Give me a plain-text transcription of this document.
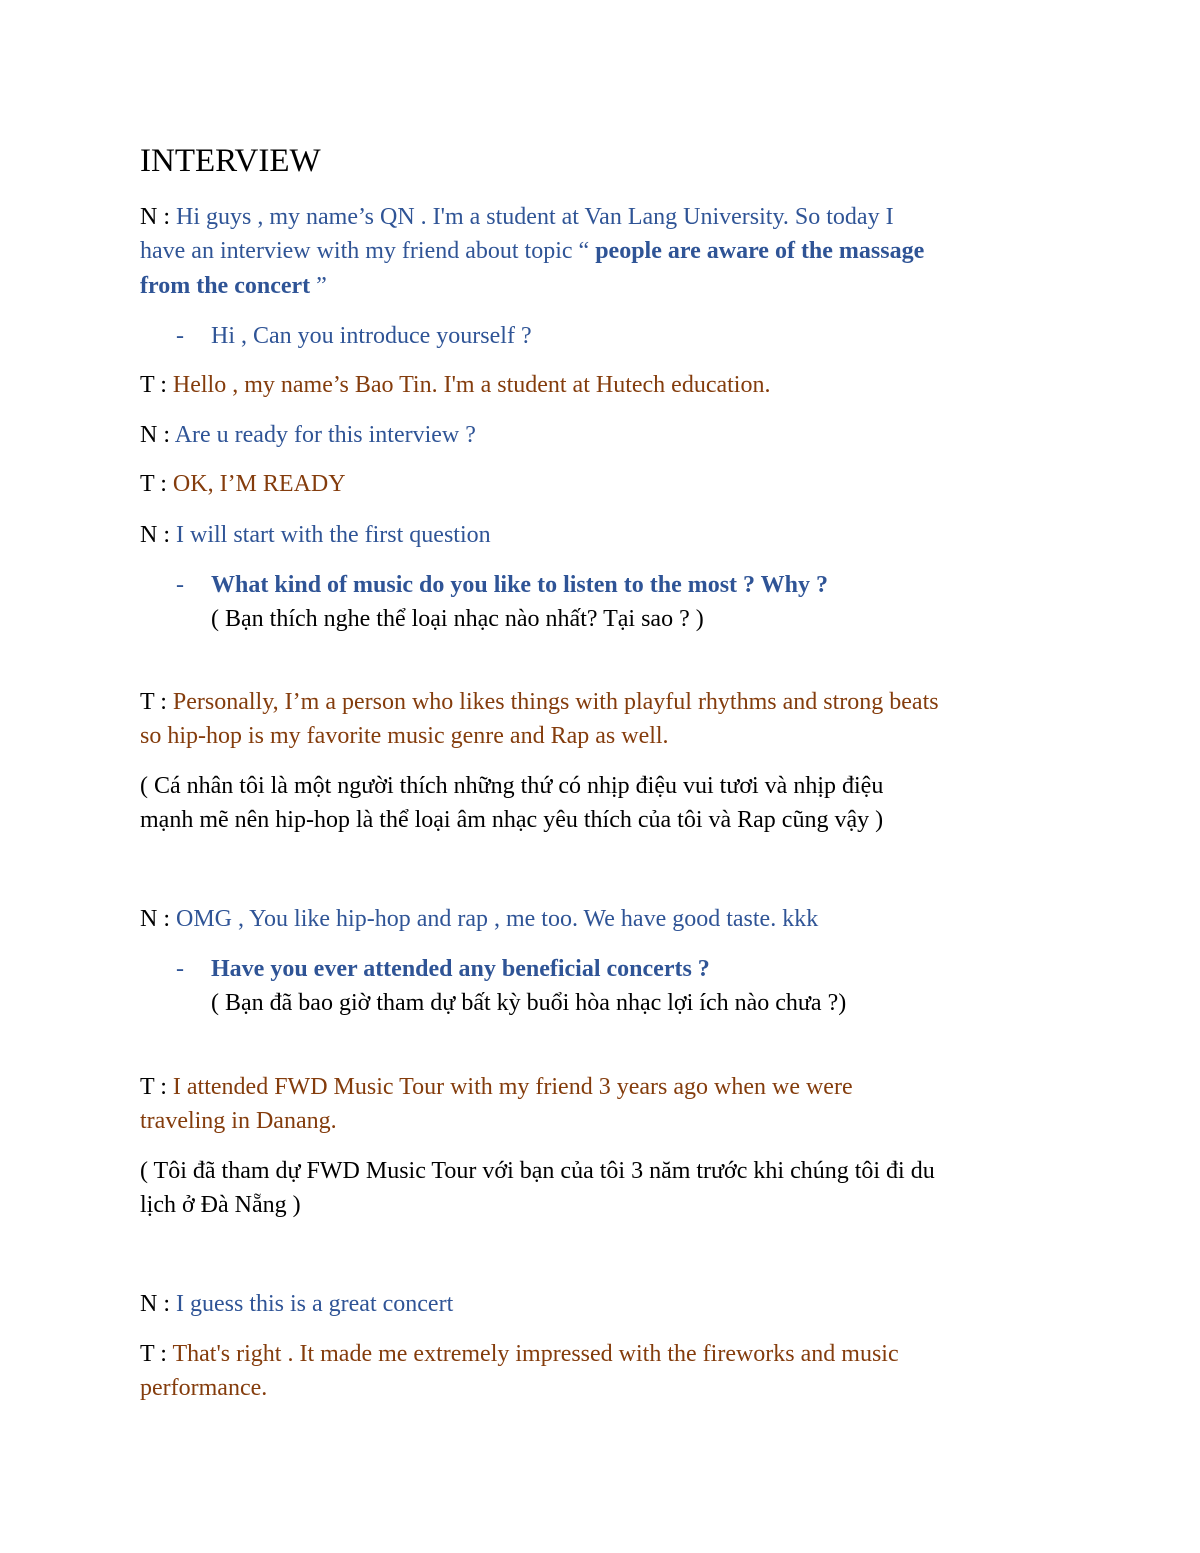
INTERVIEW
N : Hi guys , my name’s QN . I'm a student at Van Lang University. So today I
have an interview with my friend about topic “ people are aware of the massage
from the concert ”
- Hi , Can you introduce yourself ?
T : Hello , my name’s Bao Tin. I'm a student at Hutech education.
N : Are u ready for this interview ?
T : OK, I’M READY
N : I will start with the first question
- What kind of music do you like to listen to the most ? Why ?
( Bạn thích nghe thể loại nhạc nào nhất? Tại sao ? )
T : Personally, I’m a person who likes things with playful rhythms and strong beats
so hip-hop is my favorite music genre and Rap as well.
( Cá nhân tôi là một người thích những thứ có nhịp điệu vui tươi và nhịp điệu
mạnh mẽ nên hip-hop là thể loại âm nhạc yêu thích của tôi và Rap cũng vậy )
N : OMG , You like hip-hop and rap , me too. We have good taste. kkk
- Have you ever attended any beneficial concerts ?
( Bạn đã bao giờ tham dự bất kỳ buổi hòa nhạc lợi ích nào chưa ?)
T : I attended FWD Music Tour with my friend 3 years ago when we were
traveling in Danang.
( Tôi đã tham dự FWD Music Tour với bạn của tôi 3 năm trước khi chúng tôi đi du
lịch ở Đà Nẵng )
N : I guess this is a great concert
T : That's right . It made me extremely impressed with the fireworks and music
performance.
